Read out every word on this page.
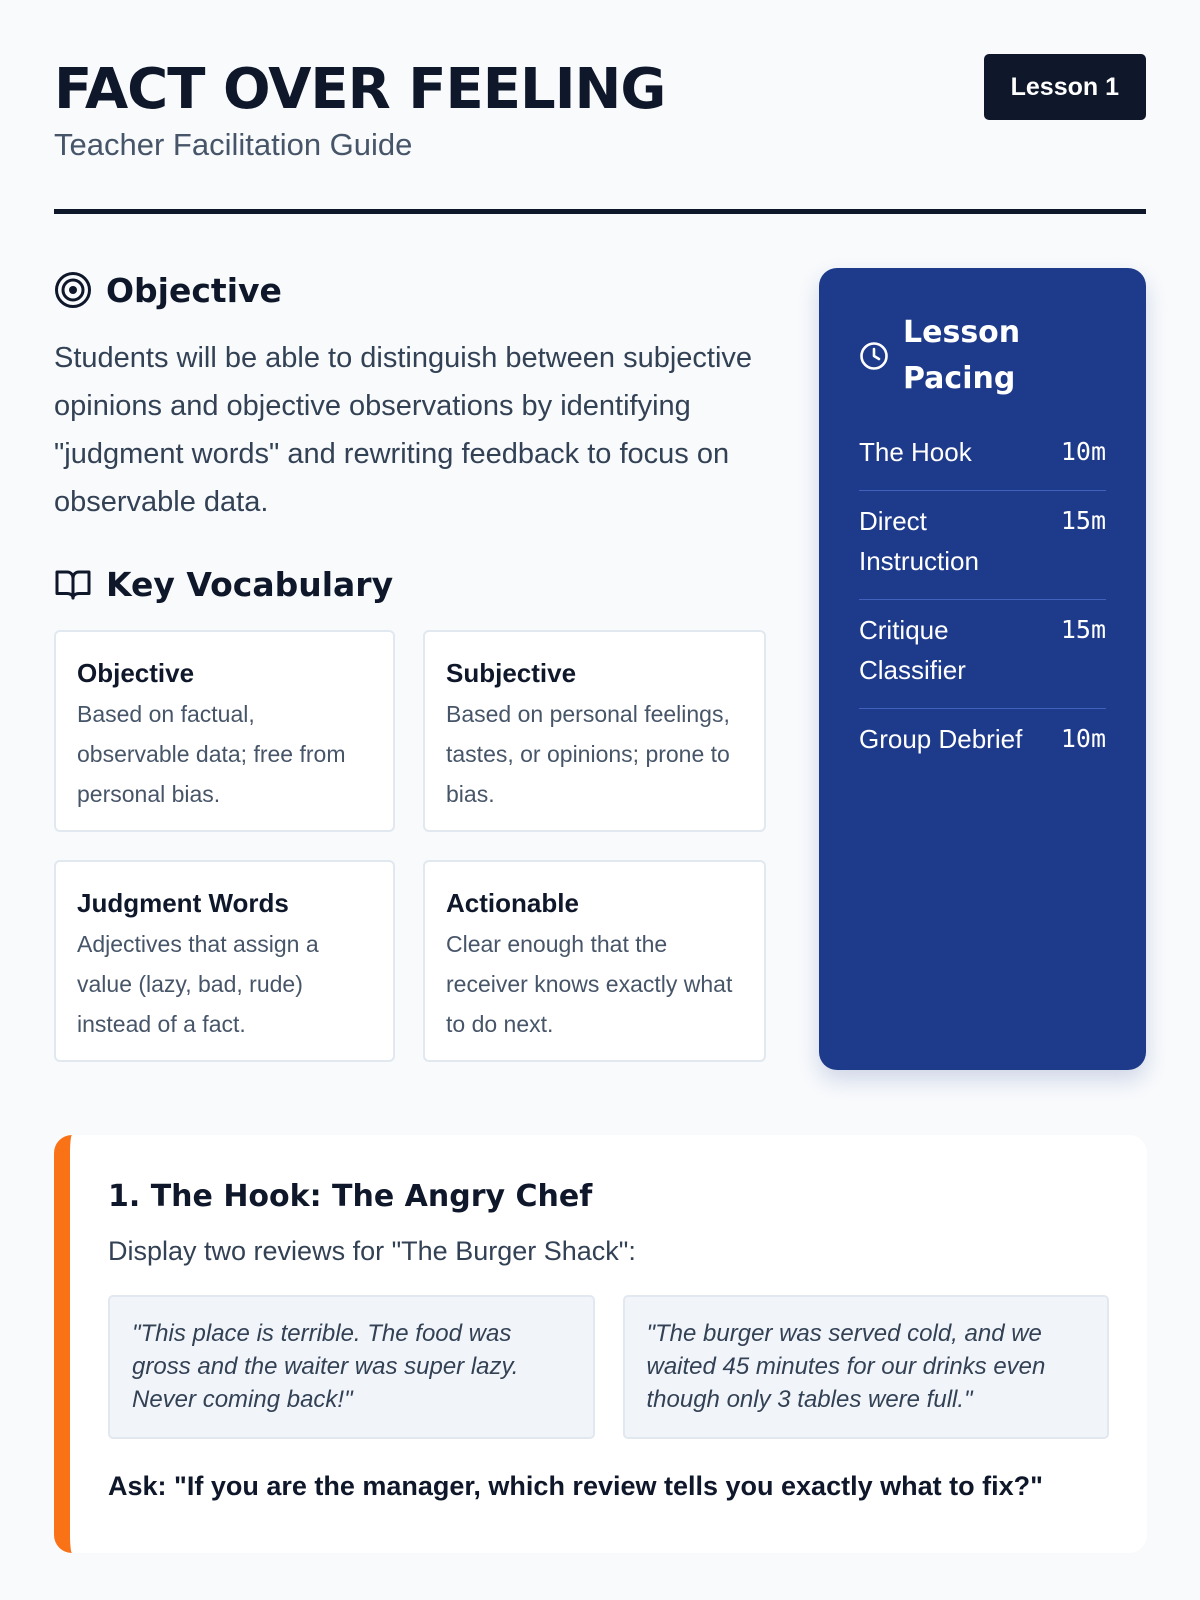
FACT OVER FEELING
Teacher Facilitation Guide
Lesson 1
Objective

Students will be able to distinguish between subjective opinions and objective observations by identifying "judgment words" and rewriting feedback to focus on observable data.

Key Vocabulary
Objective
Based on factual, observable data; free from personal bias.
Subjective
Based on personal feelings, tastes, or opinions; prone to bias.
Judgment Words
Adjectives that assign a value (lazy, bad, rude) instead of a fact.
Actionable
Clear enough that the receiver knows exactly what to do next.
Lesson Pacing
The Hook	10m
Direct Instruction
15m
Critique Classifier
15m
Group Debrief	10m
1. The Hook: The Angry Chef

Display two reviews for "The Burger Shack":

"This place is terrible. The food was gross and the waiter was super lazy. Never coming back!"
"The burger was served cold, and we waited 45 minutes for our drinks even though only 3 tables were full."

Ask: "If you are the manager, which review tells you exactly what to fix?"
